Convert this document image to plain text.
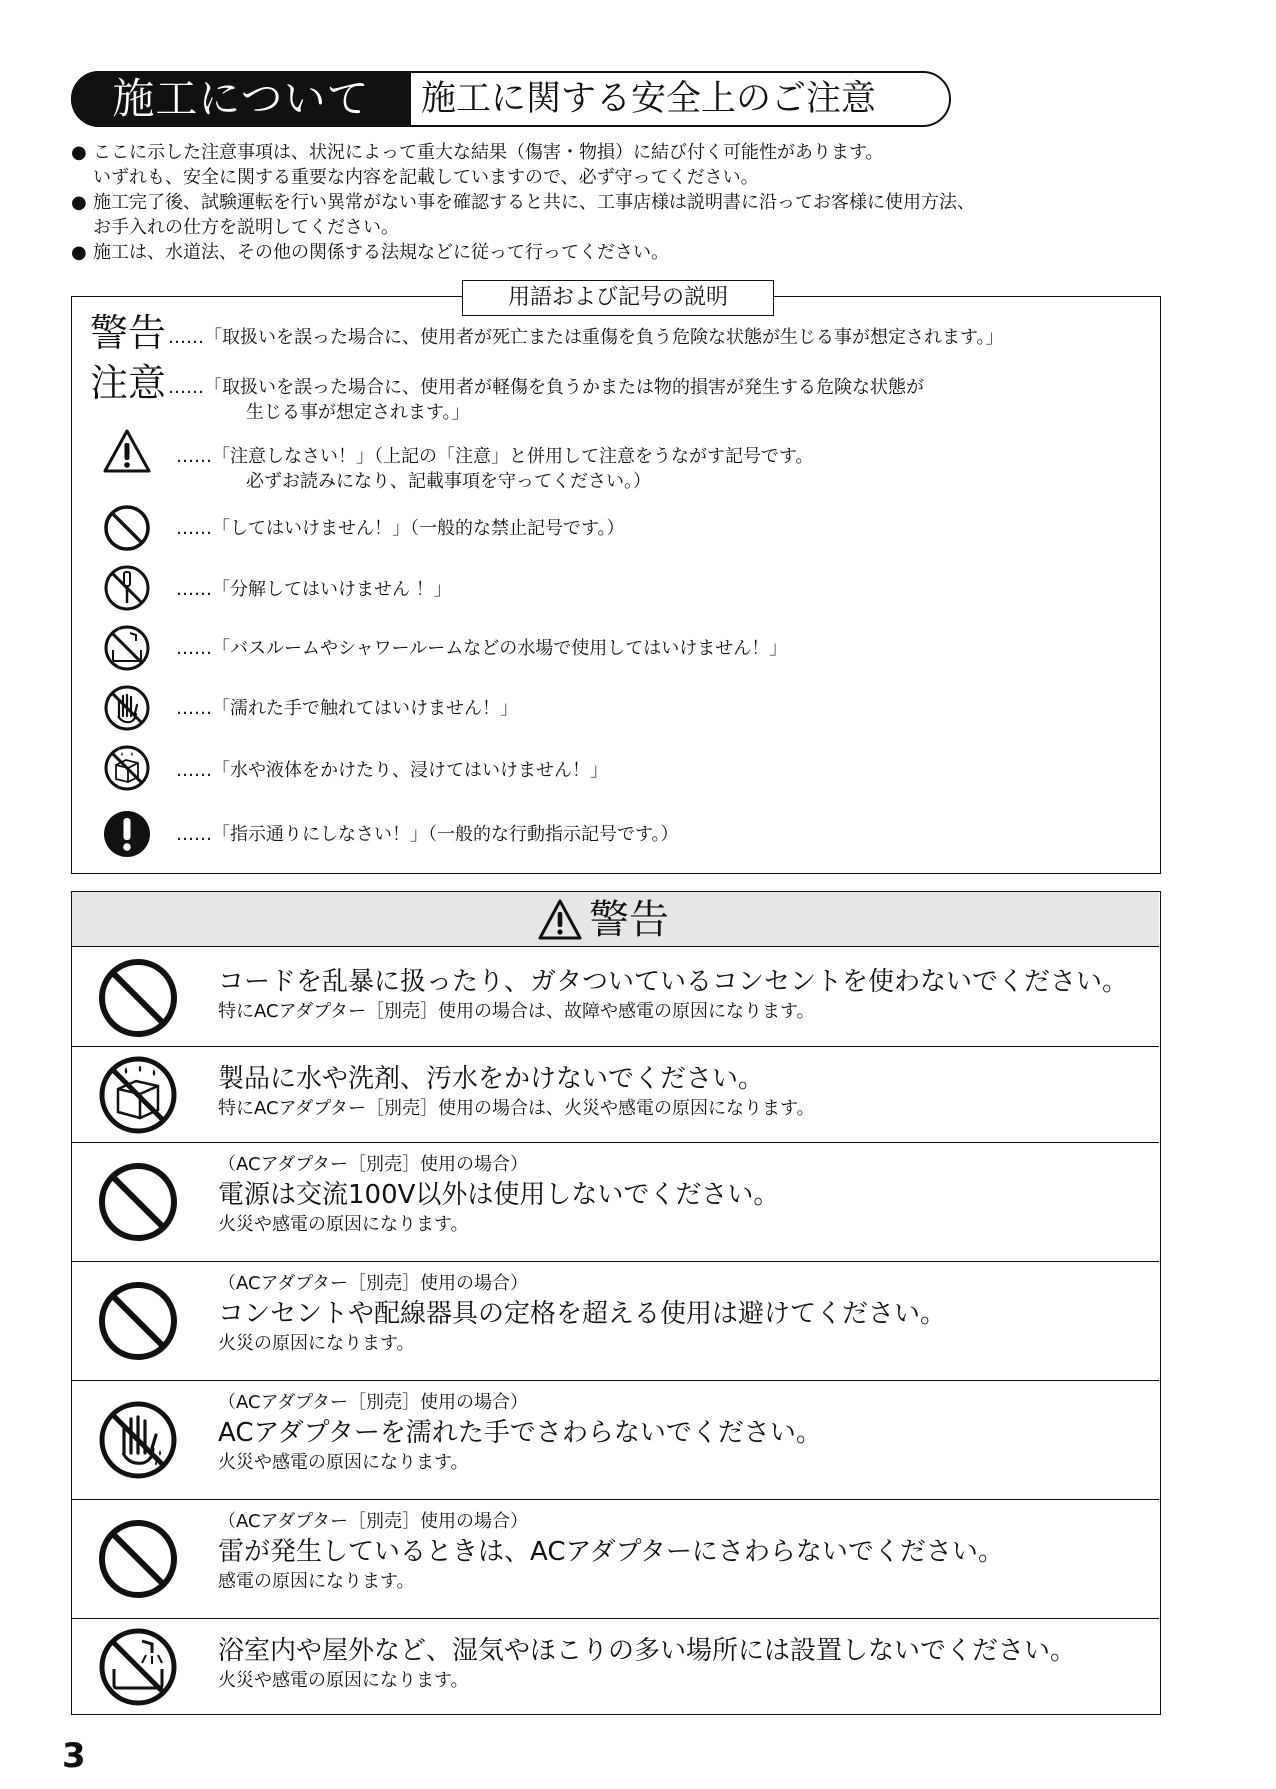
施工について	施工に関する安全上のご注意
● ここに示した注意事項は、状況によって重大な結果（傷害・物損）に結び付く可能性があります。
いずれも、安全に関する重要な内容を記載していますので、必ず守ってください。
● 施工完了後、試験運転を行い異常がない事を確認すると共に、工事店様は説明書に沿ってお客様に使用方法、
お手入れの仕方を説明してください。
● 施工は、水道法、その他の関係する法規などに従って行ってください。
用語および記号の説明
警告 ……「取扱いを誤った場合に、使用者が死亡または重傷を負う危険な状態が生じる事が想定されます。」
注意 ……「取扱いを誤った場合に、使用者が軽傷を負うかまたは物的損害が発生する危険な状態が
生じる事が想定されます。」
……「注意しなさい！」（上記の「注意」と併用して注意をうながす記号です。
必ずお読みになり、記載事項を守ってください。）
……「してはいけません！」（一般的な禁止記号です。）
……「分解してはいけません ！」
……「バスルームやシャワールームなどの水場で使用してはいけません！」
……「濡れた手で触れてはいけません！」
……「水や液体をかけたり、浸けてはいけません！」
……「指示通りにしなさい！」（一般的な行動指示記号です。）
警告
コードを乱暴に扱ったり、ガタついているコンセントを使わないでください。
特にACアダプター［別売］使用の場合は、故障や感電の原因になります。
製品に水や洗剤、汚水をかけないでください。
特にACアダプター［別売］使用の場合は、火災や感電の原因になります。
（ACアダプター［別売］使用の場合）
電源は交流100V以外は使用しないでください。
火災や感電の原因になります。
（ACアダプター［別売］使用の場合）
コンセントや配線器具の定格を超える使用は避けてください。
火災の原因になります。
（ACアダプター［別売］使用の場合）
ACアダプターを濡れた手でさわらないでください。
火災や感電の原因になります。
（ACアダプター［別売］使用の場合）
雷が発生しているときは、ACアダプターにさわらないでください。
感電の原因になります。
浴室内や屋外など、湿気やほこりの多い場所には設置しないでください。
火災や感電の原因になります。
3
